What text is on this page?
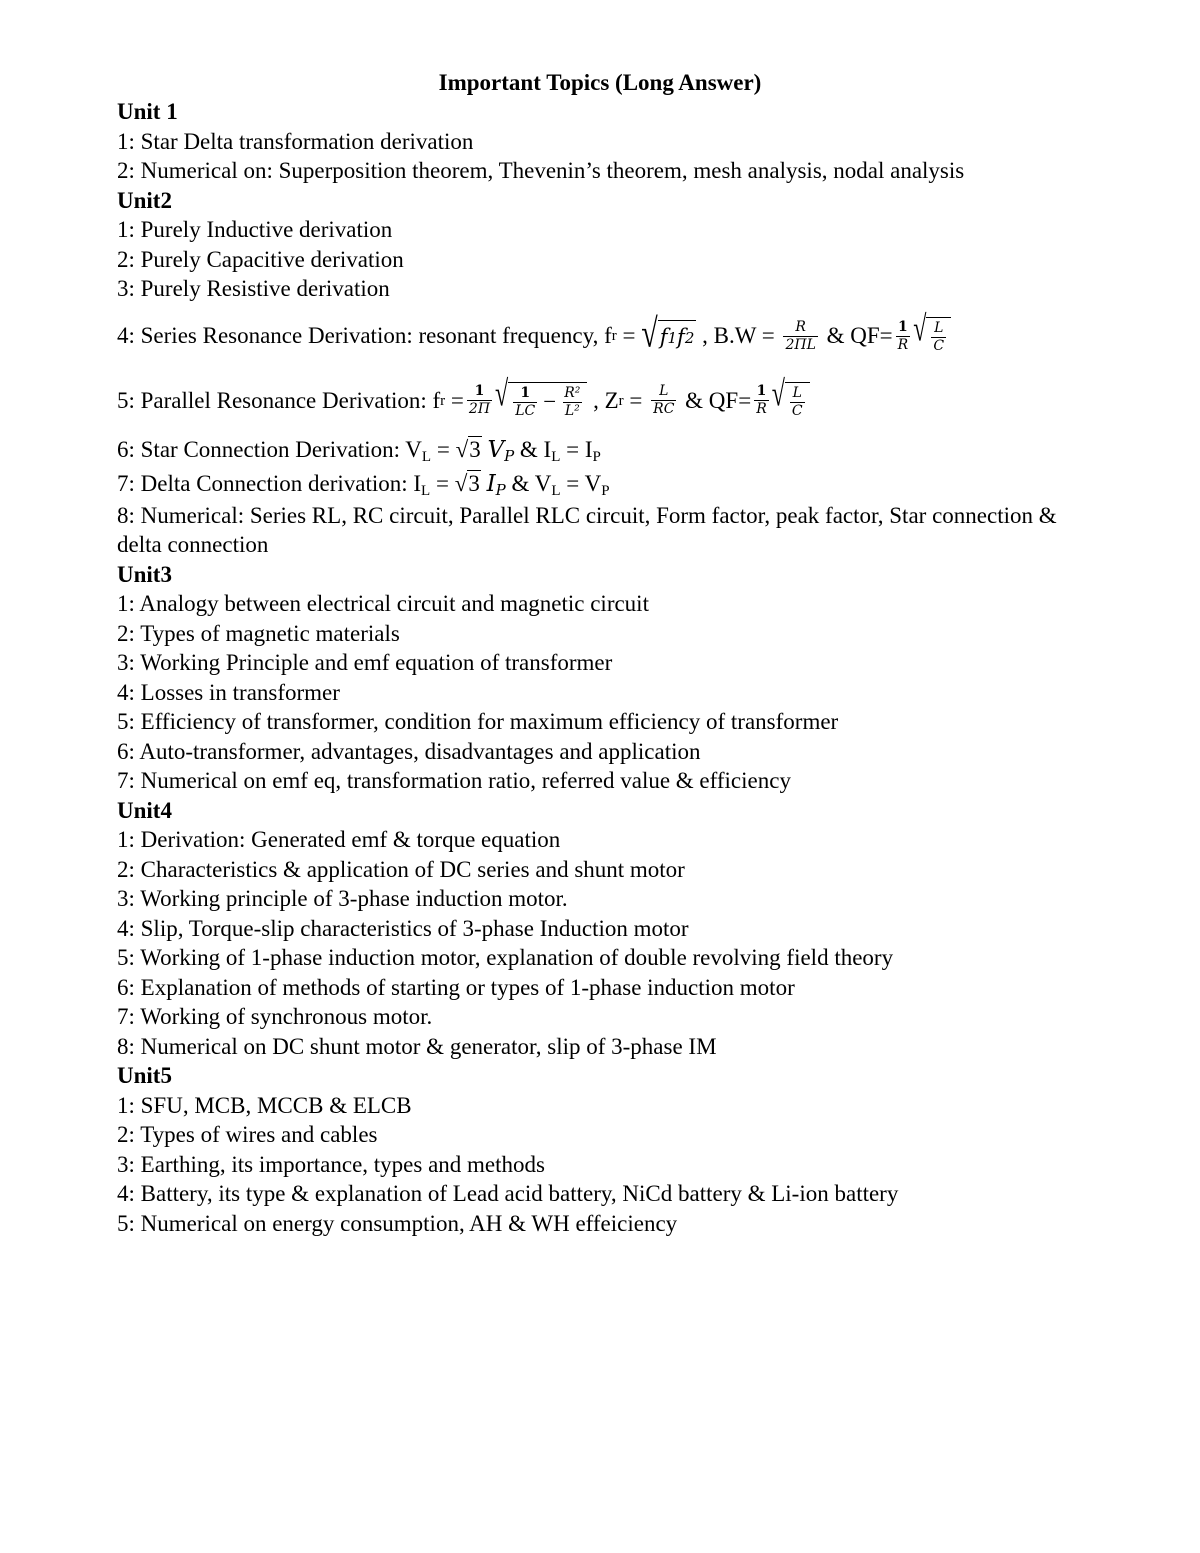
Important Topics (Long Answer)
Unit 1
1: Star Delta transformation derivation
2: Numerical on: Superposition theorem, Thevenin’s theorem, mesh analysis, nodal analysis
Unit2
1: Purely Inductive derivation
2: Purely Capacitive derivation
3: Purely Resistive derivation
4: Series Resonance Derivation: resonant frequency, f r = √ f 1 f 2 , $B.W = \frac{R}{2\Pi L}$ & $QF= \frac{1}{R}$ √ $\frac{L}{C}$
5: Parallel Resonance Derivation: f $r = \frac{1}{2\Pi}$ √ $\frac{1}{LC} - \frac{\text{R²}}{\text{L²}}$ , Z $r = \frac{L}{RC}$ & $QF= \frac{1}{R}$ √ $\frac{L}{C}$
6: Star Connection Derivation: $V_L = √3$ $V_P$ & $I_L = I_P$
7: Delta Connection derivation: $I_L = √3$ $I_P$ & $V_L = V_P$
8: Numerical: Series RL, RC circuit, Parallel RLC circuit, Form factor, peak factor, Star connection & delta connection
Unit3
1: Analogy between electrical circuit and magnetic circuit
2: Types of magnetic materials
3: Working Principle and emf equation of transformer
4: Losses in transformer
5: Efficiency of transformer, condition for maximum efficiency of transformer
6: Auto-transformer, advantages, disadvantages and application
7: Numerical on emf eq, transformation ratio, referred value & efficiency
Unit4
1: Derivation: Generated emf & torque equation
2: Characteristics & application of DC series and shunt motor
3: Working principle of 3-phase induction motor.
4: Slip, Torque-slip characteristics of 3-phase Induction motor
5: Working of 1-phase induction motor, explanation of double revolving field theory
6: Explanation of methods of starting or types of 1-phase induction motor
7: Working of synchronous motor.
8: Numerical on DC shunt motor & generator, slip of 3-phase IM
Unit5
1: SFU, MCB, MCCB & ELCB
2: Types of wires and cables
3: Earthing, its importance, types and methods
4: Battery, its type & explanation of Lead acid battery, NiCd battery & Li-ion battery
5: Numerical on energy consumption, AH & WH effeiciency
